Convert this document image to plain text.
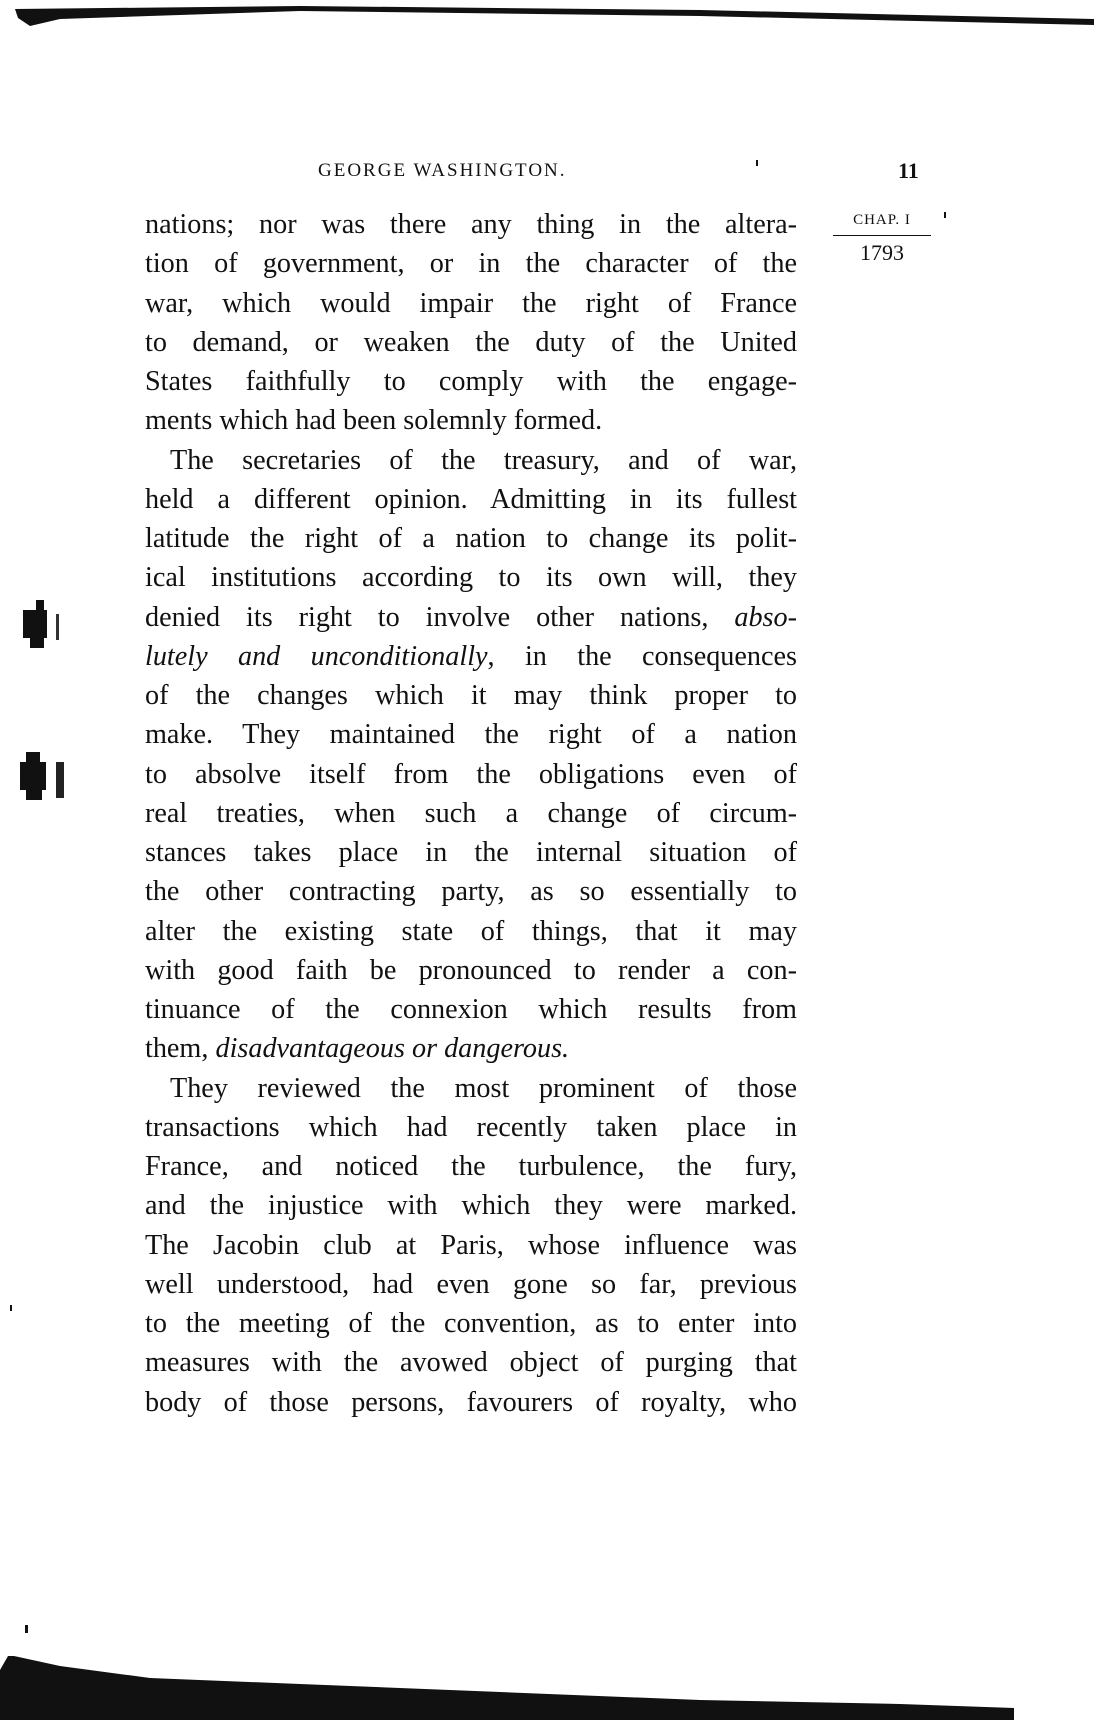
GEORGE WASHINGTON.	11
CHAP. I
1793
nations; nor was there any thing in the altera-
tion of government, or in the character of the
war, which would impair the right of France
to demand, or weaken the duty of the United
States faithfully to comply with the engage-
ments which had been solemnly formed.
The secretaries of the treasury, and of war,
held a different opinion. Admitting in its fullest
latitude the right of a nation to change its polit-
ical institutions according to its own will, they
denied its right to involve other nations, abso-
lutely and unconditionally, in the consequences
of the changes which it may think proper to
make. They maintained the right of a nation
to absolve itself from the obligations even of
real treaties, when such a change of circum-
stances takes place in the internal situation of
the other contracting party, as so essentially to
alter the existing state of things, that it may
with good faith be pronounced to render a con-
tinuance of the connexion which results from
them, disadvantageous or dangerous.
They reviewed the most prominent of those
transactions which had recently taken place in
France, and noticed the turbulence, the fury,
and the injustice with which they were marked.
The Jacobin club at Paris, whose influence was
well understood, had even gone so far, previous
to the meeting of the convention, as to enter into
measures with the avowed object of purging that
body of those persons, favourers of royalty, who
